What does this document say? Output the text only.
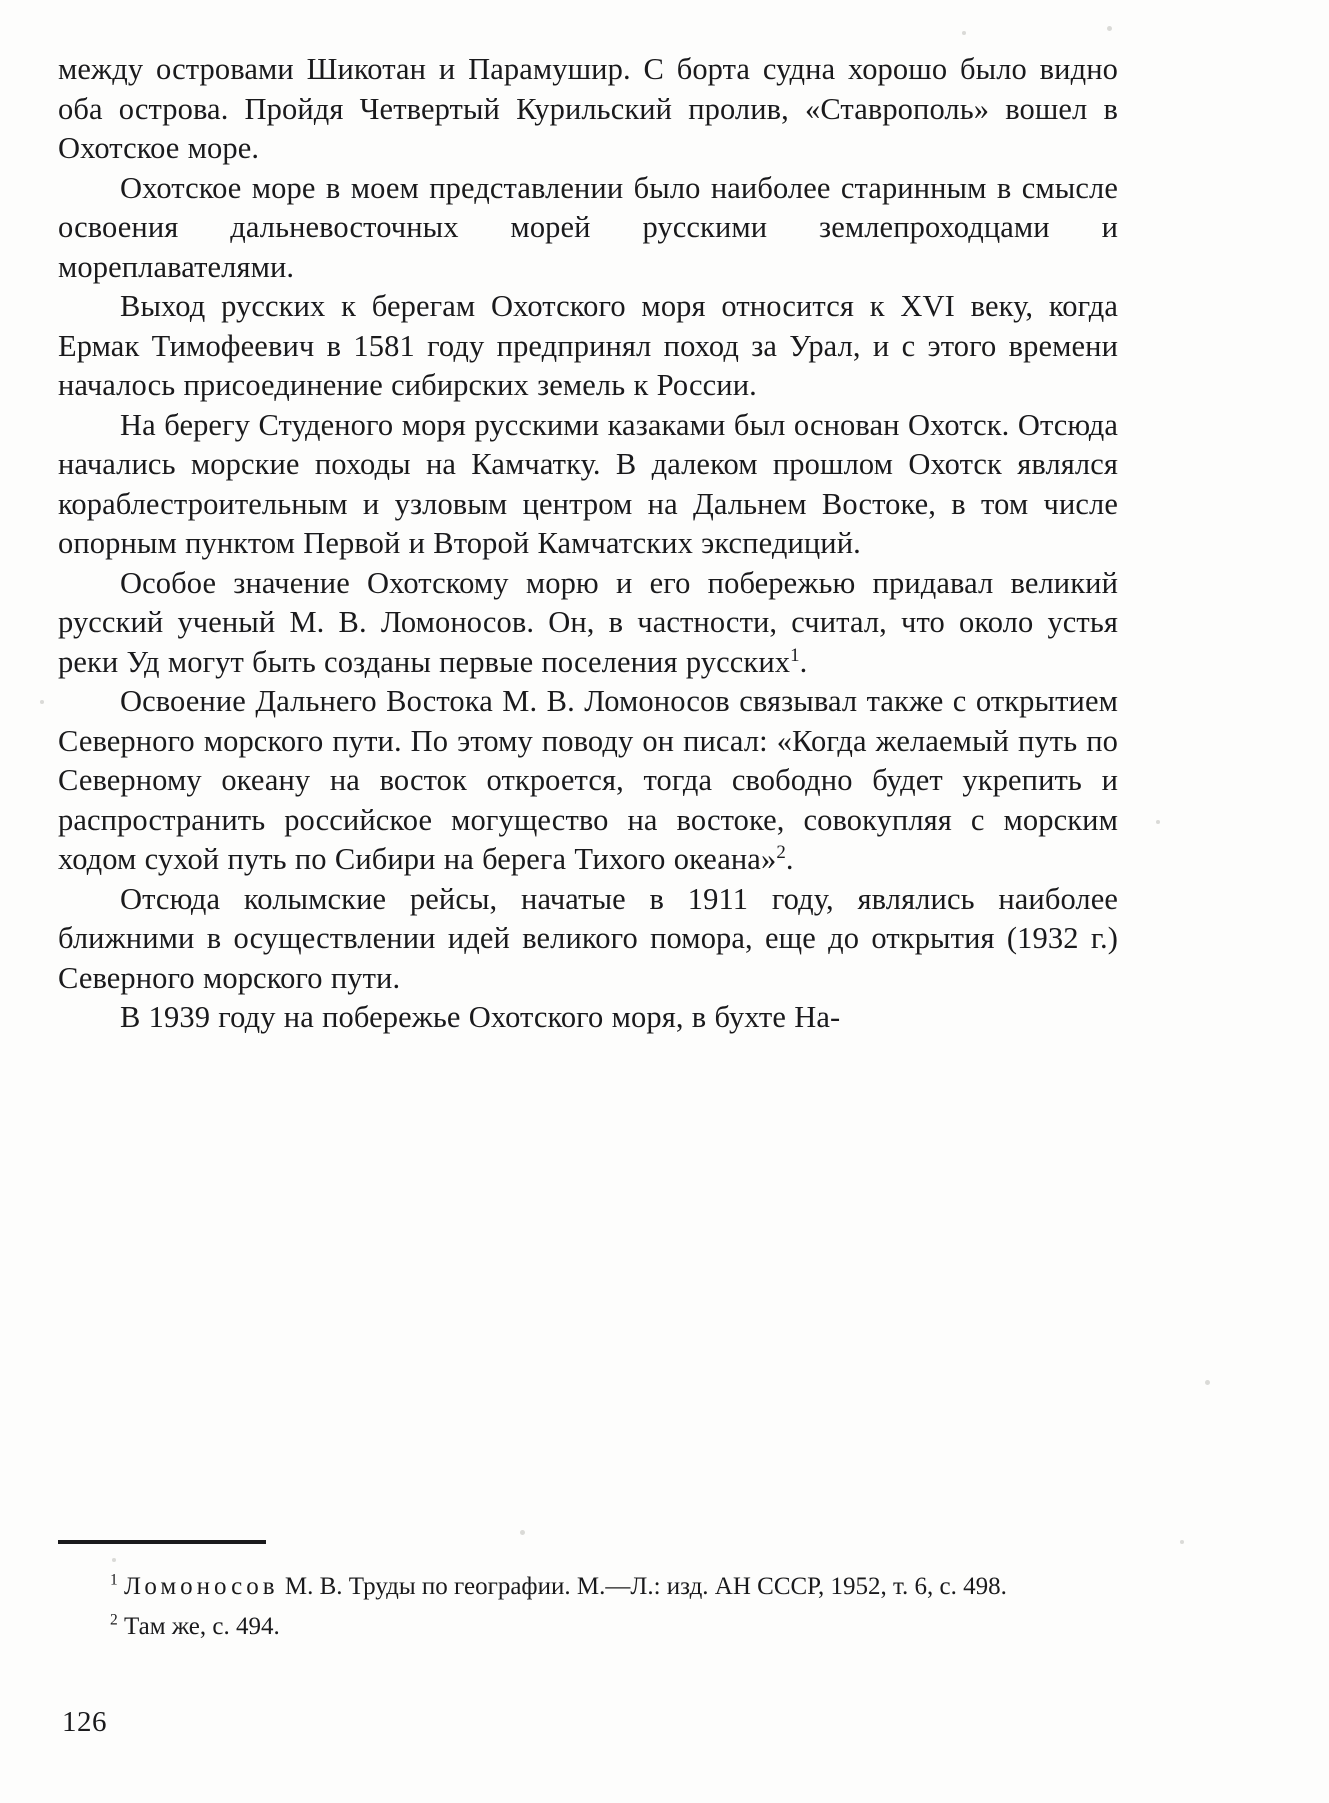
между островами Шикотан и Парамушир. С борта судна хорошо было видно оба острова. Пройдя Четвертый Курильский пролив, «Ставрополь» вошел в Охотское море.

Охотское море в моем представлении было наиболее старинным в смысле освоения дальневосточных морей русскими землепроходцами и мореплавателями.

Выход русских к берегам Охотского моря относится к XVI веку, когда Ермак Тимофеевич в 1581 году предпринял поход за Урал, и с этого времени началось присоединение сибирских земель к России.

На берегу Студеного моря русскими казаками был основан Охотск. Отсюда начались морские походы на Камчатку. В далеком прошлом Охотск являлся кораблестроительным и узловым центром на Дальнем Востоке, в том числе опорным пунктом Первой и Второй Камчатских экспедиций.

Особое значение Охотскому морю и его побережью придавал великий русский ученый М. В. Ломоносов. Он, в частности, считал, что около устья реки Уд могут быть созданы первые поселения русских$^1$.

Освоение Дальнего Востока М. В. Ломоносов связывал также с открытием Северного морского пути. По этому поводу он писал: «Когда желаемый путь по Северному океану на восток откроется, тогда свободно будет укрепить и распространить российское могущество на востоке, совокупляя с морским ходом сухой путь по Сибири на берега Тихого океана»$^2$.

Отсюда колымские рейсы, начатые в 1911 году, являлись наиболее ближними в осуществлении идей великого помора, еще до открытия (1932 г.) Северного морского пути.

В 1939 году на побережье Охотского моря, в бухте На-

$^1$ Ломоносов М. В. Труды по географии. М.—Л.: изд. АН СССР, 1952, т. 6, с. 498.

$^2$ Там же, с. 494.

126
